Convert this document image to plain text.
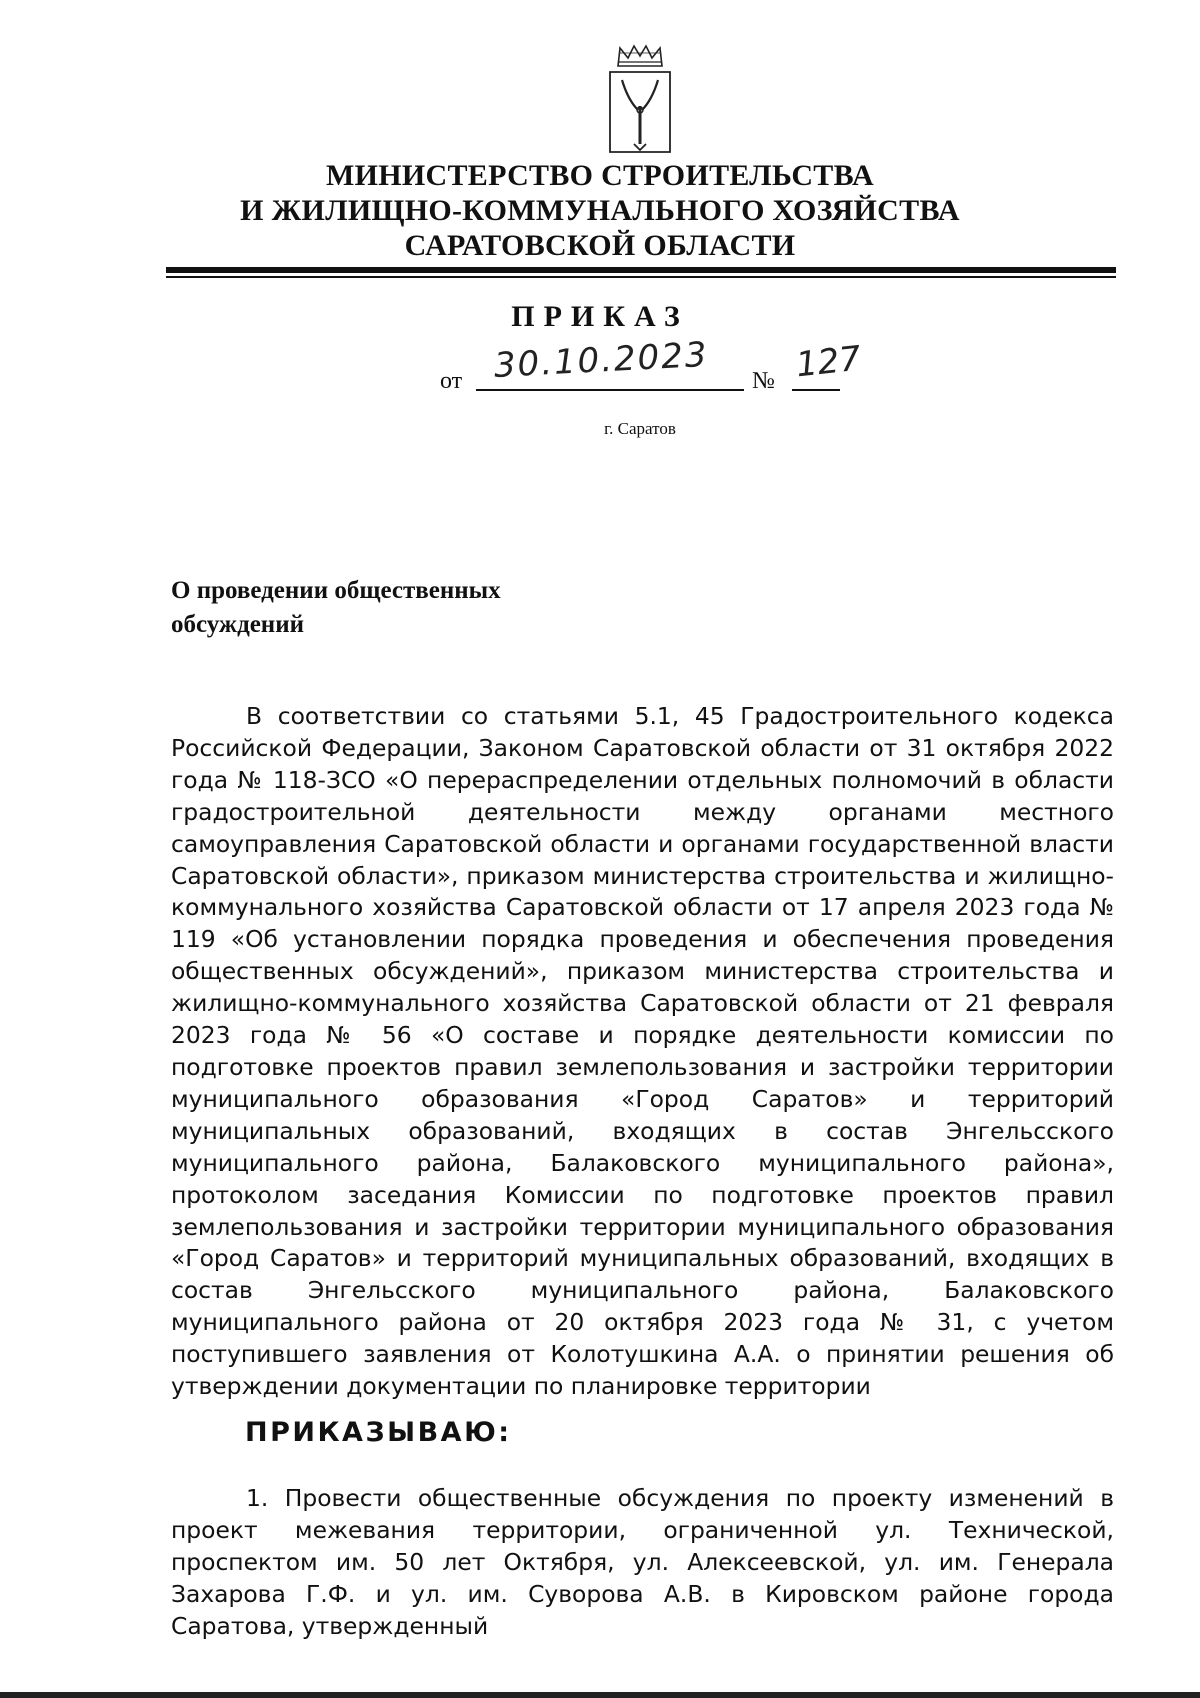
МИНИСТЕРСТВО СТРОИТЕЛЬСТВА
И ЖИЛИЩНО-КОММУНАЛЬНОГО ХОЗЯЙСТВА
САРАТОВСКОЙ ОБЛАСТИ
ПРИКАЗ
от 30.10.2023 № 127
г. Саратов
О проведении общественных
обсуждений

В соответствии со статьями 5.1, 45 Градостроительного кодекса Российской Федерации, Законом Саратовской области от 31 октября 2022 года № 118-ЗСО «О перераспределении отдельных полномочий в области градостроительной деятельности между органами местного самоуправления Саратовской области и органами государственной власти Саратовской области», приказом министерства строительства и жилищно-коммунального хозяйства Саратовской области от 17 апреля 2023 года № 119 «Об установлении порядка проведения и обеспечения проведения общественных обсуждений», приказом министерства строительства и жилищно-коммунального хозяйства Саратовской области от 21 февраля 2023 года № 56 «О составе и порядке деятельности комиссии по подготовке проектов правил землепользования и застройки территории муниципального образования «Город Саратов» и территорий муниципальных образований, входящих в состав Энгельсского муниципального района, Балаковского муниципального района», протоколом заседания Комиссии по подготовке проектов правил землепользования и застройки территории муниципального образования «Город Саратов» и территорий муниципальных образований, входящих в состав Энгельсского муниципального района, Балаковского муниципального района от 20 октября 2023 года № 31, с учетом поступившего заявления от Колотушкина А.А. о принятии решения об утверждении документации по планировке территории

ПРИКАЗЫВАЮ:

1. Провести общественные обсуждения по проекту изменений в проект межевания территории, ограниченной ул. Технической, проспектом им. 50 лет Октября, ул. Алексеевской, ул. им. Генерала Захарова Г.Ф. и ул. им. Суворова А.В. в Кировском районе города Саратова, утвержденный
